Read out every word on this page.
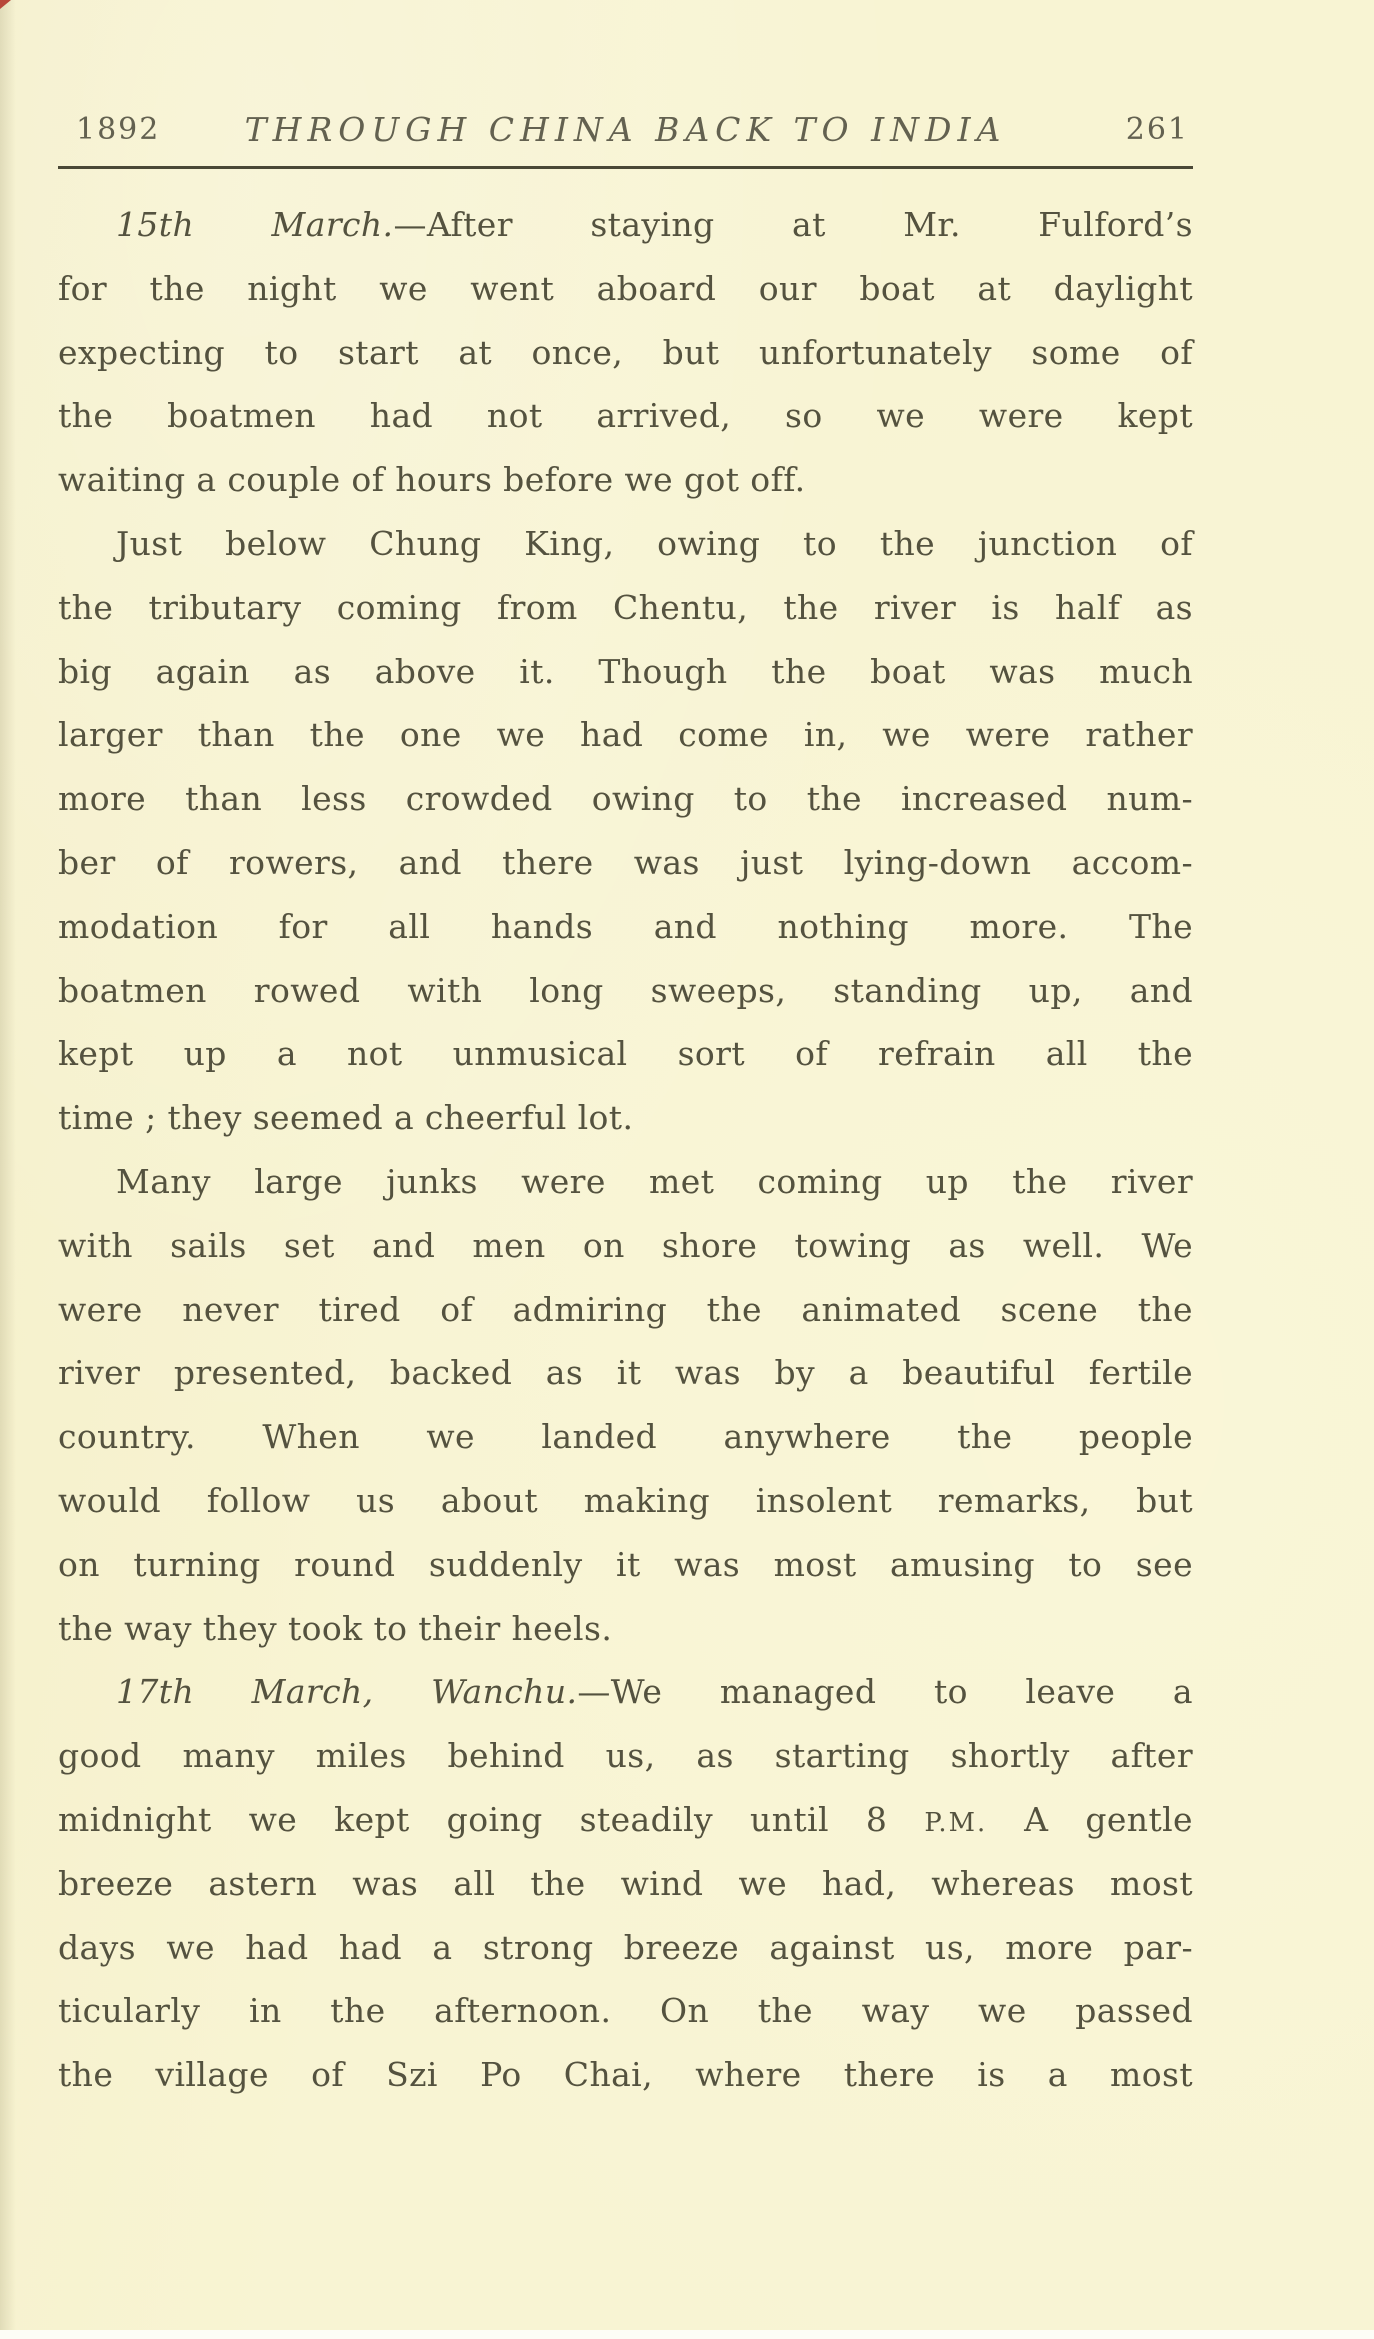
1892	THROUGH CHINA BACK TO INDIA	261
15th March.—After staying at Mr. Fulford’s
for the night we went aboard our boat at daylight
expecting to start at once, but unfortunately some of
the boatmen had not arrived, so we were kept
waiting a couple of hours before we got off.
Just below Chung King, owing to the junction of
the tributary coming from Chentu, the river is half as
big again as above it. Though the boat was much
larger than the one we had come in, we were rather
more than less crowded owing to the increased num-
ber of rowers, and there was just lying-down accom-
modation for all hands and nothing more. The
boatmen rowed with long sweeps, standing up, and
kept up a not unmusical sort of refrain all the
time ; they seemed a cheerful lot.
Many large junks were met coming up the river
with sails set and men on shore towing as well. We
were never tired of admiring the animated scene the
river presented, backed as it was by a beautiful fertile
country. When we landed anywhere the people
would follow us about making insolent remarks, but
on turning round suddenly it was most amusing to see
the way they took to their heels.
17th March, Wanchu.—We managed to leave a
good many miles behind us, as starting shortly after
midnight we kept going steadily until 8 P.M. A gentle
breeze astern was all the wind we had, whereas most
days we had had a strong breeze against us, more par-
ticularly in the afternoon. On the way we passed
the village of Szi Po Chai, where there is a most
